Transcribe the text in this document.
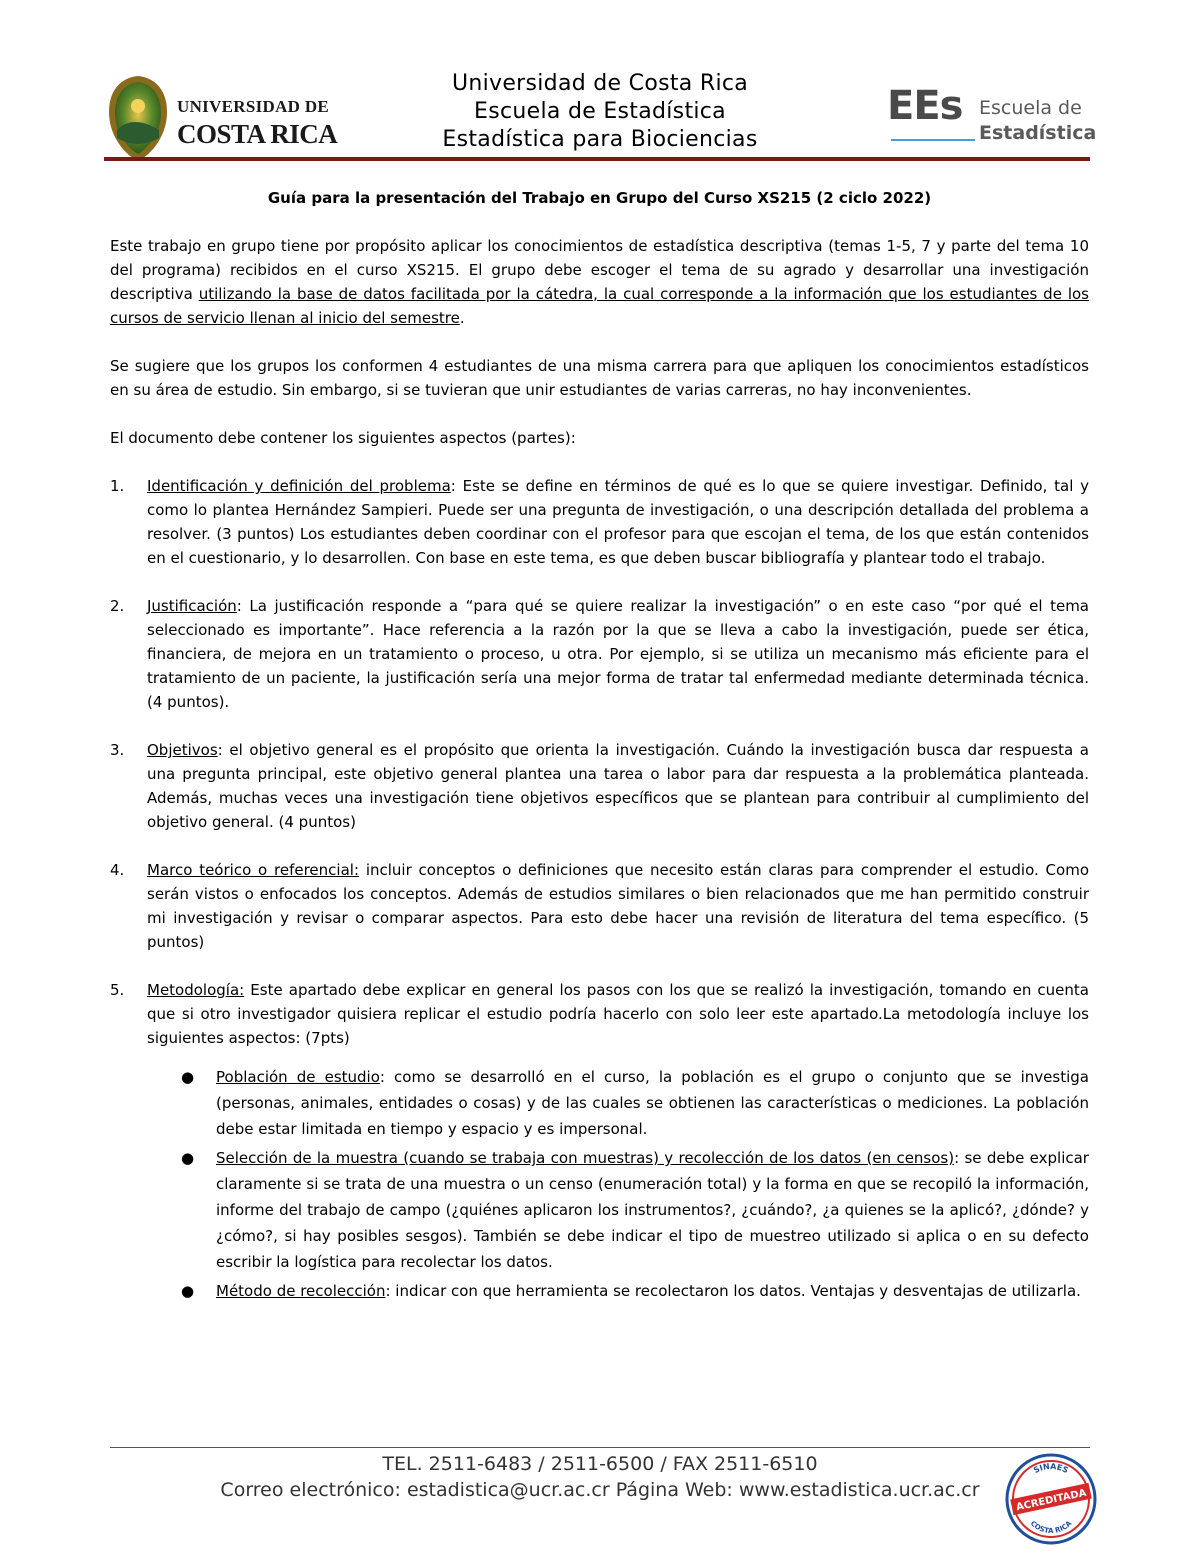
UNIVERSIDAD DE
COSTA RICA
Universidad de Costa Rica
Escuela de Estadística
Estadística para Biociencias
EEs Escuela de
Estadística
Guía para la presentación del Trabajo en Grupo del Curso XS215 (2 ciclo 2022)

Este trabajo en grupo tiene por propósito aplicar los conocimientos de estadística descriptiva (temas 1-5, 7 y parte del tema 10 del programa) recibidos en el curso XS215. El grupo debe escoger el tema de su agrado y desarrollar una investigación descriptiva utilizando la base de datos facilitada por la cátedra, la cual corresponde a la información que los estudiantes de los cursos de servicio llenan al inicio del semestre.

Se sugiere que los grupos los conformen 4 estudiantes de una misma carrera para que apliquen los conocimientos estadísticos en su área de estudio. Sin embargo, si se tuvieran que unir estudiantes de varias carreras, no hay inconvenientes.

El documento debe contener los siguientes aspectos (partes):

1. Identificación y definición del problema: Este se define en términos de qué es lo que se quiere investigar. Definido, tal y como lo plantea Hernández Sampieri. Puede ser una pregunta de investigación, o una descripción detallada del problema a resolver. (3 puntos) Los estudiantes deben coordinar con el profesor para que escojan el tema, de los que están contenidos en el cuestionario, y lo desarrollen. Con base en este tema, es que deben buscar bibliografía y plantear todo el trabajo.
2. Justificación: La justificación responde a “para qué se quiere realizar la investigación” o en este caso “por qué el tema seleccionado es importante”. Hace referencia a la razón por la que se lleva a cabo la investigación, puede ser ética, financiera, de mejora en un tratamiento o proceso, u otra. Por ejemplo, si se utiliza un mecanismo más eficiente para el tratamiento de un paciente, la justificación sería una mejor forma de tratar tal enfermedad mediante determinada técnica. (4 puntos).
3. Objetivos: el objetivo general es el propósito que orienta la investigación. Cuándo la investigación busca dar respuesta a una pregunta principal, este objetivo general plantea una tarea o labor para dar respuesta a la problemática planteada. Además, muchas veces una investigación tiene objetivos específicos que se plantean para contribuir al cumplimiento del objetivo general. (4 puntos)
4. Marco teórico o referencial: incluir conceptos o definiciones que necesito están claras para comprender el estudio. Como serán vistos o enfocados los conceptos. Además de estudios similares o bien relacionados que me han permitido construir mi investigación y revisar o comparar aspectos. Para esto debe hacer una revisión de literatura del tema específico. (5 puntos)
5. Metodología: Este apartado debe explicar en general los pasos con los que se realizó la investigación, tomando en cuenta que si otro investigador quisiera replicar el estudio podría hacerlo con solo leer este apartado.La metodología incluye los siguientes aspectos: (7pts)
● Población de estudio: como se desarrolló en el curso, la población es el grupo o conjunto que se investiga (personas, animales, entidades o cosas) y de las cuales se obtienen las características o mediciones. La población debe estar limitada en tiempo y espacio y es impersonal.
● Selección de la muestra (cuando se trabaja con muestras) y recolección de los datos (en censos): se debe explicar claramente si se trata de una muestra o un censo (enumeración total) y la forma en que se recopiló la información, informe del trabajo de campo (¿quiénes aplicaron los instrumentos?, ¿cuándo?, ¿a quienes se la aplicó?, ¿dónde? y ¿cómo?, si hay posibles sesgos). También se debe indicar el tipo de muestreo utilizado si aplica o en su defecto escribir la logística para recolectar los datos.
● Método de recolección: indicar con que herramienta se recolectaron los datos. Ventajas y desventajas de utilizarla.
TEL. 2511-6483 / 2511-6500 / FAX 2511-6510
Correo electrónico: estadistica@ucr.ac.cr Página Web: www.estadistica.ucr.ac.cr
SINAES
ACREDITADA
COSTA RICA
